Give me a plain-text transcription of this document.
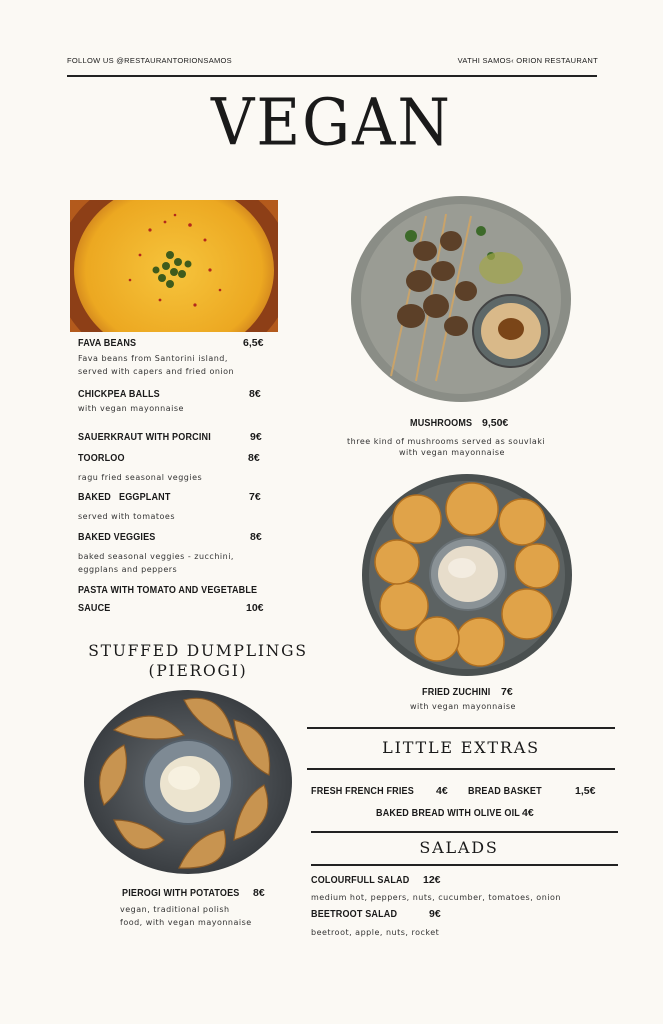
FOLLOW US @RESTAURANTORIONSAMOS	VATHI SAMOS‹ ORION RESTAURANT
VEGAN
FAVA BEANS	6,5€
Fava beans from Santorini island,
served with capers and fried onion
CHICKPEA BALLS	8€
with vegan mayonnaise
SAUERKRAUT WITH PORCINI	9€
TOORLOO	8€
ragu fried seasonal veggies
BAKED   EGGPLANT	7€
served with tomatoes
BAKED VEGGIES	8€
baked seasonal veggies - zucchini,
eggplans and peppers
PASTA WITH TOMATO AND VEGETABLE
SAUCE	10€
STUFFED DUMPLINGS
(PIEROGI)
PIEROGI WITH POTATOES 8€
vegan, traditional polish
food, with vegan mayonnaise
MUSHROOMS 9,50€
three kind of mushrooms served as souvlaki
with vegan mayonnaise
FRIED ZUCHINI 7€
with vegan mayonnaise
LITTLE EXTRAS
FRESH FRENCH FRIES 4€ BREAD BASKET	1,5€
BAKED BREAD WITH OLIVE OIL 4€
SALADS
COLOURFULL SALAD 12€
medium hot, peppers, nuts, cucumber, tomatoes, onion
BEETROOT SALAD	9€
beetroot, apple, nuts, rocket
